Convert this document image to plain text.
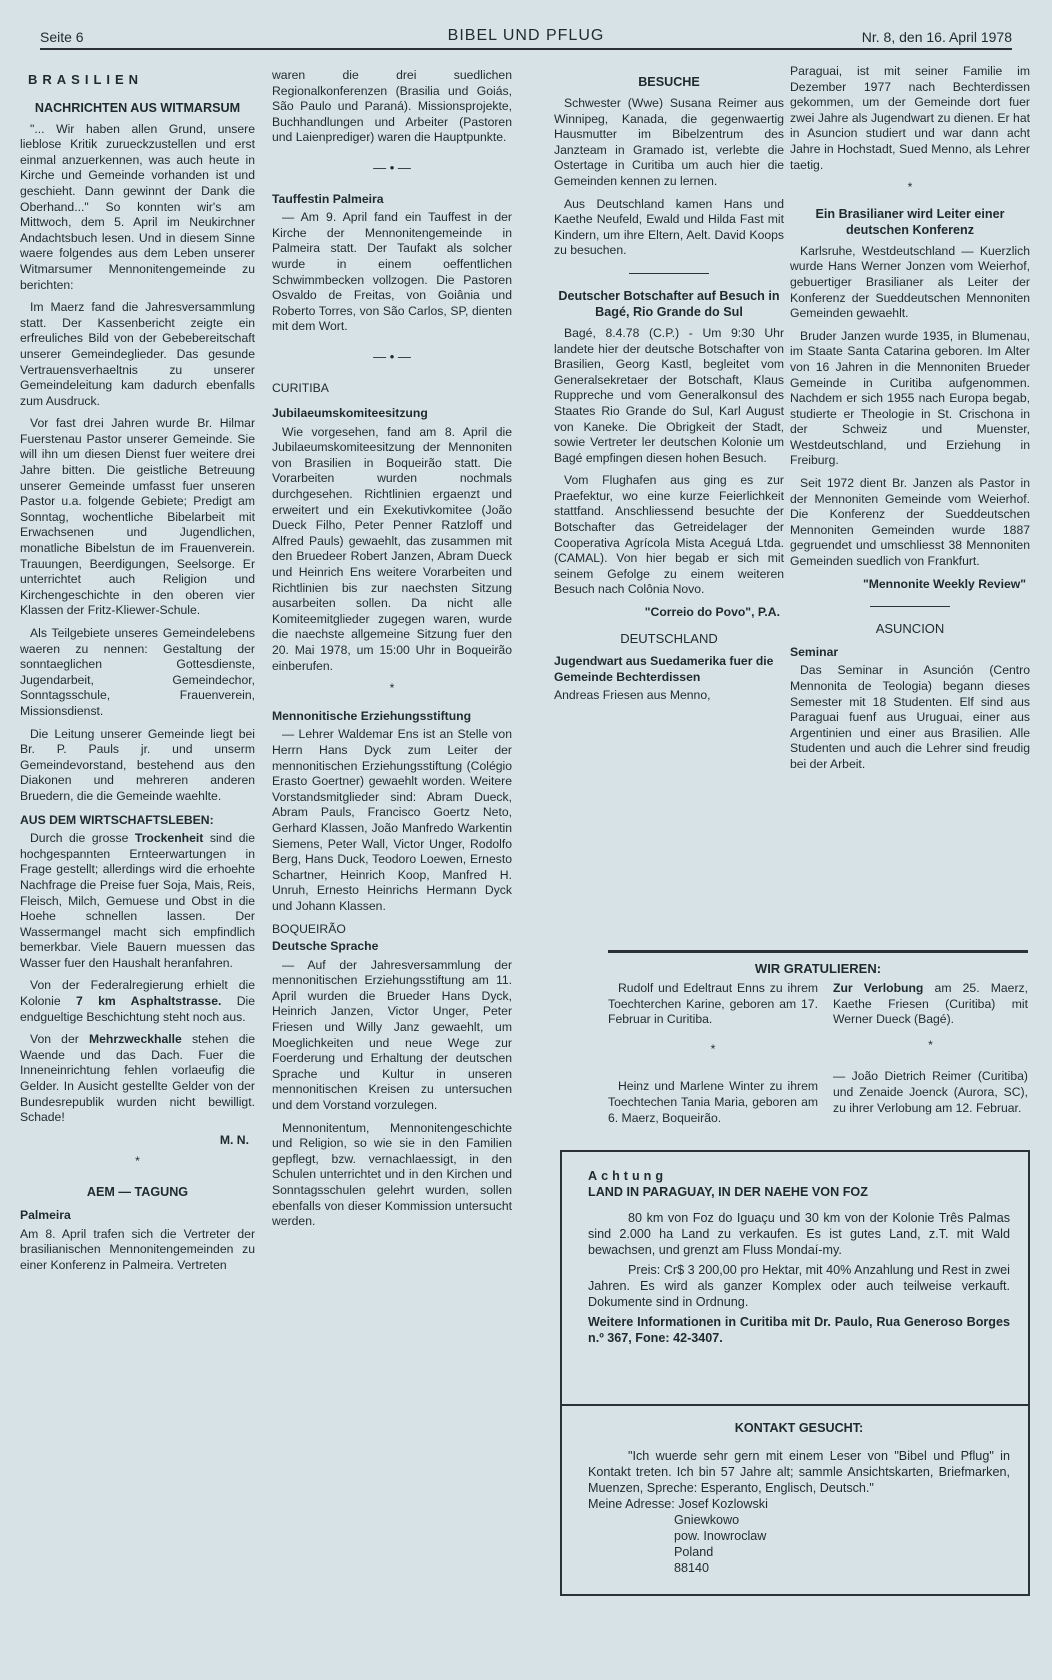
Seite 6	BIBEL UND PFLUG	Nr. 8, den 16. April 1978
BRASILIEN
NACHRICHTEN AUS WITMARSUM

"... Wir haben allen Grund, unsere lieblose Kritik zurueckzustellen und erst einmal anzuerkennen, was auch heute in Kirche und Gemeinde vorhanden ist und geschieht. Dann gewinnt der Dank die Oberhand..." So konnten wir's am Mittwoch, dem 5. April im Neukirchner Andachtsbuch lesen. Und in diesem Sinne waere folgendes aus dem Leben unserer Witmarsumer Mennonitengemeinde zu berichten:

Im Maerz fand die Jahresversammlung statt. Der Kassenbericht zeigte ein erfreuliches Bild von der Gebebereitschaft unserer Gemeindeglieder. Das gesunde Vertrauensverhaeltnis zu unserer Gemeindeleitung kam dadurch ebenfalls zum Ausdruck.

Vor fast drei Jahren wurde Br. Hilmar Fuerstenau Pastor unserer Gemeinde. Sie will ihn um diesen Dienst fuer weitere drei Jahre bitten. Die geistliche Betreuung unserer Gemeinde umfasst fuer unseren Pastor u.a. folgende Gebiete; Predigt am Sonntag, wochentliche Bibelarbeit mit Erwachsenen und Jugendlichen, monatliche Bibelstun de im Frauenverein. Trauungen, Beerdigungen, Seelsorge. Er unterrichtet auch Religion und Kirchengeschichte in den oberen vier Klassen der Fritz-Kliewer-Schule.

Als Teilgebiete unseres Gemeindelebens waeren zu nennen: Gestaltung der sonntaeglichen Gottesdienste, Jugendarbeit, Gemeindechor, Sonntagsschule, Frauenverein, Missionsdienst.

Die Leitung unserer Gemeinde liegt bei Br. P. Pauls jr. und unserm Gemeindevorstand, bestehend aus den Diakonen und mehreren anderen Bruedern, die die Gemeinde waehlte.

AUS DEM WIRTSCHAFTSLEBEN:

Durch die grosse Trockenheit sind die hochgespannten Ernteerwartungen in Frage gestellt; allerdings wird die erhoehte Nachfrage die Preise fuer Soja, Mais, Reis, Fleisch, Milch, Gemuese und Obst in die Hoehe schnellen lassen. Der Wassermangel macht sich empfindlich bemerkbar. Viele Bauern muessen das Wasser fuer den Haushalt heranfahren.

Von der Federalregierung erhielt die Kolonie 7 km Asphaltstrasse. Die endgueltige Beschichtung steht noch aus.

Von der Mehrzweckhalle stehen die Waende und das Dach. Fuer die Inneneinrichtung fehlen vorlaeufig die Gelder. In Ausicht gestellte Gelder von der Bundesrepublik wurden nicht bewilligt. Schade!

M. N.
*
AEM — TAGUNG
Palmeira

Am 8. April trafen sich die Vertreter der brasilianischen Mennonitengemeinden zu einer Konferenz in Palmeira. Vertreten

waren die drei suedlichen Regionalkonferenzen (Brasilia und Goiás, São Paulo und Paraná). Missionsprojekte, Buchhandlungen und Arbeiter (Pastoren und Laienprediger) waren die Hauptpunkte.

— • —
Tauffestin Palmeira

— Am 9. April fand ein Tauffest in der Kirche der Mennonitengemeinde in Palmeira statt. Der Taufakt als solcher wurde in einem oeffentlichen Schwimmbecken vollzogen. Die Pastoren Osvaldo de Freitas, von Goiânia und Roberto Torres, von São Carlos, SP, dienten mit dem Wort.

— • —
CURITIBA
Jubilaeumskomiteesitzung

Wie vorgesehen, fand am 8. April die Jubilaeumskomiteesitzung der Mennoniten von Brasilien in Boqueirão statt. Die Vorarbeiten wurden nochmals durchgesehen. Richtlinien ergaenzt und erweitert und ein Exekutivkomitee (João Dueck Filho, Peter Penner Ratzloff und Alfred Pauls) gewaehlt, das zusammen mit den Bruedeer Robert Janzen, Abram Dueck und Heinrich Ens weitere Vorarbeiten und Richtlinien bis zur naechsten Sitzung ausarbeiten sollen. Da nicht alle Komiteemitglieder zugegen waren, wurde die naechste allgemeine Sitzung fuer den 20. Mai 1978, um 15:00 Uhr in Boqueirão einberufen.

*
Mennonitische Erziehungsstiftung

— Lehrer Waldemar Ens ist an Stelle von Herrn Hans Dyck zum Leiter der mennonitischen Erziehungsstiftung (Colégio Erasto Goertner) gewaehlt worden. Weitere Vorstandsmitglieder sind: Abram Dueck, Abram Pauls, Francisco Goertz Neto, Gerhard Klassen, João Manfredo Warkentin Siemens, Peter Wall, Victor Unger, Rodolfo Berg, Hans Duck, Teodoro Loewen, Ernesto Schartner, Heinrich Koop, Manfred H. Unruh, Ernesto Heinrichs Hermann Dyck und Johann Klassen.

BOQUEIRÃO
Deutsche Sprache

— Auf der Jahresversammlung der mennonitischen Erziehungsstiftung am 11. April wurden die Brueder Hans Dyck, Heinrich Janzen, Victor Unger, Peter Friesen und Willy Janz gewaehlt, um Moeglichkeiten und neue Wege zur Foerderung und Erhaltung der deutschen Sprache und Kultur in unseren mennonitischen Kreisen zu untersuchen und dem Vorstand vorzulegen.

Mennonitentum, Mennonitengeschichte und Religion, so wie sie in den Familien gepflegt, bzw. vernachlaessigt, in den Schulen unterrichtet und in den Kirchen und Sonntagsschulen gelehrt wurden, sollen ebenfalls von dieser Kommission untersucht werden.

BESUCHE

Schwester (Wwe) Susana Reimer aus Winnipeg, Kanada, die gegenwaertig Hausmutter im Bibelzentrum des Janzteam in Gramado ist, verlebte die Ostertage in Curitiba um auch hier die Gemeinden kennen zu lernen.

Aus Deutschland kamen Hans und Kaethe Neufeld, Ewald und Hilda Fast mit Kindern, um ihre Eltern, Aelt. David Koops zu besuchen.

Deutscher Botschafter auf Besuch in Bagé, Rio Grande do Sul

Bagé, 8.4.78 (C.P.) - Um 9:30 Uhr landete hier der deutsche Botschafter von Brasilien, Georg Kastl, begleitet vom Generalsekretaer der Botschaft, Klaus Ruppreche und vom Generalkonsul des Staates Rio Grande do Sul, Karl August von Kaneke. Die Obrigkeit der Stadt, sowie Vertreter ler deutschen Kolonie um Bagé empfingen diesen hohen Besuch.

Vom Flughafen aus ging es zur Praefektur, wo eine kurze Feierlichkeit stattfand. Anschliessend besuchte der Botschafter das Getreidelager der Cooperativa Agrícola Mista Aceguá Ltda. (CAMAL). Von hier begab er sich mit seinem Gefolge zu einem weiteren Besuch nach Colônia Novo.

"Correio do Povo", P.A.
DEUTSCHLAND
Jugendwart aus Suedamerika fuer die Gemeinde Bechterdissen

Andreas Friesen aus Menno,

Paraguai, ist mit seiner Familie im Dezember 1977 nach Bechterdissen gekommen, um der Gemeinde dort fuer zwei Jahre als Jugendwart zu dienen. Er hat in Asuncion studiert und war dann acht Jahre in Hochstadt, Sued Menno, als Lehrer taetig.

*
Ein Brasilianer wird Leiter einer deutschen Konferenz

Karlsruhe, Westdeutschland — Kuerzlich wurde Hans Werner Jonzen vom Weierhof, gebuertiger Brasilianer als Leiter der Konferenz der Sueddeutschen Mennoniten Gemeinden gewaehlt.

Bruder Janzen wurde 1935, in Blumenau, im Staate Santa Catarina geboren. Im Alter von 16 Jahren in die Mennoniten Brueder Gemeinde in Curitiba aufgenommen. Nachdem er sich 1955 nach Europa begab, studierte er Theologie in St. Crischona in der Schweiz und Muenster, Westdeutschland, und Erziehung in Freiburg.

Seit 1972 dient Br. Janzen als Pastor in der Mennoniten Gemeinde vom Weierhof. Die Konferenz der Sueddeutschen Mennoniten Gemeinden wurde 1887 gegruendet und umschliesst 38 Mennoniten Gemeinden suedlich von Frankfurt.

"Mennonite Weekly Review"
ASUNCION
Seminar

Das Seminar in Asunción (Centro Mennonita de Teologia) begann dieses Semester mit 18 Studenten. Elf sind aus Paraguai fuenf aus Uruguai, einer aus Argentinien und einer aus Brasilien. Alle Studenten und auch die Lehrer sind freudig bei der Arbeit.

WIR GRATULIEREN:

Rudolf und Edeltraut Enns zu ihrem Toechterchen Karine, geboren am 17. Februar in Curitiba.

*

Heinz und Marlene Winter zu ihrem Toechtechen Tania Maria, geboren am 6. Maerz, Boqueirão.

Zur Verlobung am 25. Maerz, Kaethe Friesen (Curitiba) mit Werner Dueck (Bagé).

*

— João Dietrich Reimer (Curitiba) und Zenaide Joenck (Aurora, SC), zu ihrer Verlobung am 12. Februar.

Achtung
LAND IN PARAGUAY, IN DER NAEHE VON FOZ

80 km von Foz do Iguaçu und 30 km von der Kolonie Três Palmas sind 2.000 ha Land zu verkaufen. Es ist gutes Land, z.T. mit Wald bewachsen, und grenzt am Fluss Mondaí-my.

Preis: Cr$ 3 200,00 pro Hektar, mit 40% Anzahlung und Rest in zwei Jahren. Es wird als ganzer Komplex oder auch teilweise verkauft. Dokumente sind in Ordnung.

Weitere Informationen in Curitiba mit Dr. Paulo, Rua Generoso Borges n.º 367, Fone: 42-3407.

KONTAKT GESUCHT:

"Ich wuerde sehr gern mit einem Leser von "Bibel und Pflug" in Kontakt treten. Ich bin 57 Jahre alt; sammle Ansichtskarten, Briefmarken, Muenzen, Spreche: Esperanto, Englisch, Deutsch."

Meine Adresse: Josef Kozlowski
Gniewkowo
pow. Inowroclaw
Poland
88140
